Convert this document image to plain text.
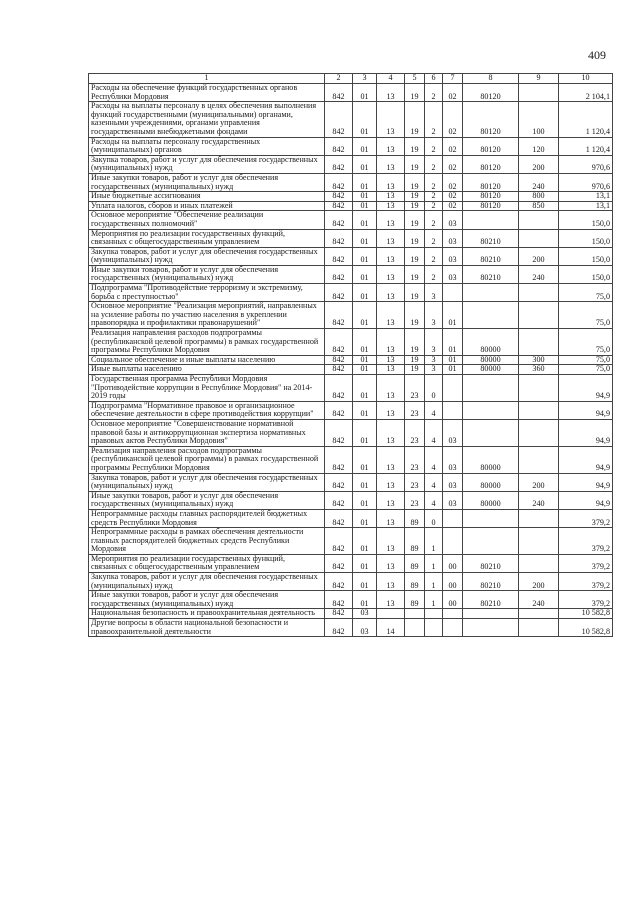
409
1	2	3	4	5	6	7	8	9	10
Расходы на обеспечение функций государственных органов Республики Мордовия	842	01	13	19	2	02	80120		2 104,1
Расходы на выплаты персоналу в целях обеспечения выполнения функций государственными (муниципальными) органами, казенными учреждениями, органами управления государственными внебюджетными фондами	842	01	13	19	2	02	80120	100	1 120,4
Расходы на выплаты персоналу государственных (муниципальных) органов	842	01	13	19	2	02	80120	120	1 120,4
Закупка товаров, работ и услуг для обеспечения государственных (муниципальных) нужд	842	01	13	19	2	02	80120	200	970,6
Иные закупки товаров, работ и услуг для обеспечения государственных (муниципальных) нужд	842	01	13	19	2	02	80120	240	970,6
Иные бюджетные ассигнования	842	01	13	19	2	02	80120	800	13,1
Уплата налогов, сборов и иных платежей	842	01	13	19	2	02	80120	850	13,1
Основное мероприятие "Обеспечение реализации государственных полномочий"	842	01	13	19	2	03			150,0
Мероприятия по реализации государственных функций, связанных с общегосударственным управлением	842	01	13	19	2	03	80210		150,0
Закупка товаров, работ и услуг для обеспечения государственных (муниципальных) нужд	842	01	13	19	2	03	80210	200	150,0
Иные закупки товаров, работ и услуг для обеспечения государственных (муниципальных) нужд	842	01	13	19	2	03	80210	240	150,0
Подпрограмма "Противодействие терроризму и экстремизму, борьба с преступностью"	842	01	13	19	3				75,0
Основное мероприятие "Реализация мероприятий, направленных на усиление работы по участию населения в укреплении правопорядка и профилактики правонарушений"	842	01	13	19	3	01			75,0
Реализация направления расходов подпрограммы (республиканской целевой программы) в рамках государственной программы Республики Мордовия	842	01	13	19	3	01	80000		75,0
Социальное обеспечение и иные выплаты населению	842	01	13	19	3	01	80000	300	75,0
Иные выплаты населению	842	01	13	19	3	01	80000	360	75,0
Государственная программа Республики Мордовия "Противодействие коррупции в Республике Мордовия" на 2014-2019 годы	842	01	13	23	0				94,9
Подпрограмма "Нормативное правовое и организационное обеспечение деятельности в сфере противодействия коррупции"	842	01	13	23	4				94,9
Основное мероприятие "Совершенствование нормативной правовой базы и антикоррупционная экспертиза нормативных правовых актов Республики Мордовия"	842	01	13	23	4	03			94,9
Реализация направления расходов подпрограммы (республиканской целевой программы) в рамках государственной программы Республики Мордовия	842	01	13	23	4	03	80000		94,9
Закупка товаров, работ и услуг для обеспечения государственных (муниципальных) нужд	842	01	13	23	4	03	80000	200	94,9
Иные закупки товаров, работ и услуг для обеспечения государственных (муниципальных) нужд	842	01	13	23	4	03	80000	240	94,9
Непрограммные расходы главных распорядителей бюджетных средств Республики Мордовия	842	01	13	89	0				379,2
Непрограммные расходы в рамках обеспечения деятельности главных распорядителей бюджетных средств Республики Мордовия	842	01	13	89	1				379,2
Мероприятия по реализации государственных функций, связанных с общегосударственным управлением	842	01	13	89	1	00	80210		379,2
Закупка товаров, работ и услуг для обеспечения государственных (муниципальных) нужд	842	01	13	89	1	00	80210	200	379,2
Иные закупки товаров, работ и услуг для обеспечения государственных (муниципальных) нужд	842	01	13	89	1	00	80210	240	379,2
Национальная безопасность и правоохранительная деятельность	842	03							10 582,8
Другие вопросы в области национальной безопасности и правоохранительной деятельности	842	03	14						10 582,8
